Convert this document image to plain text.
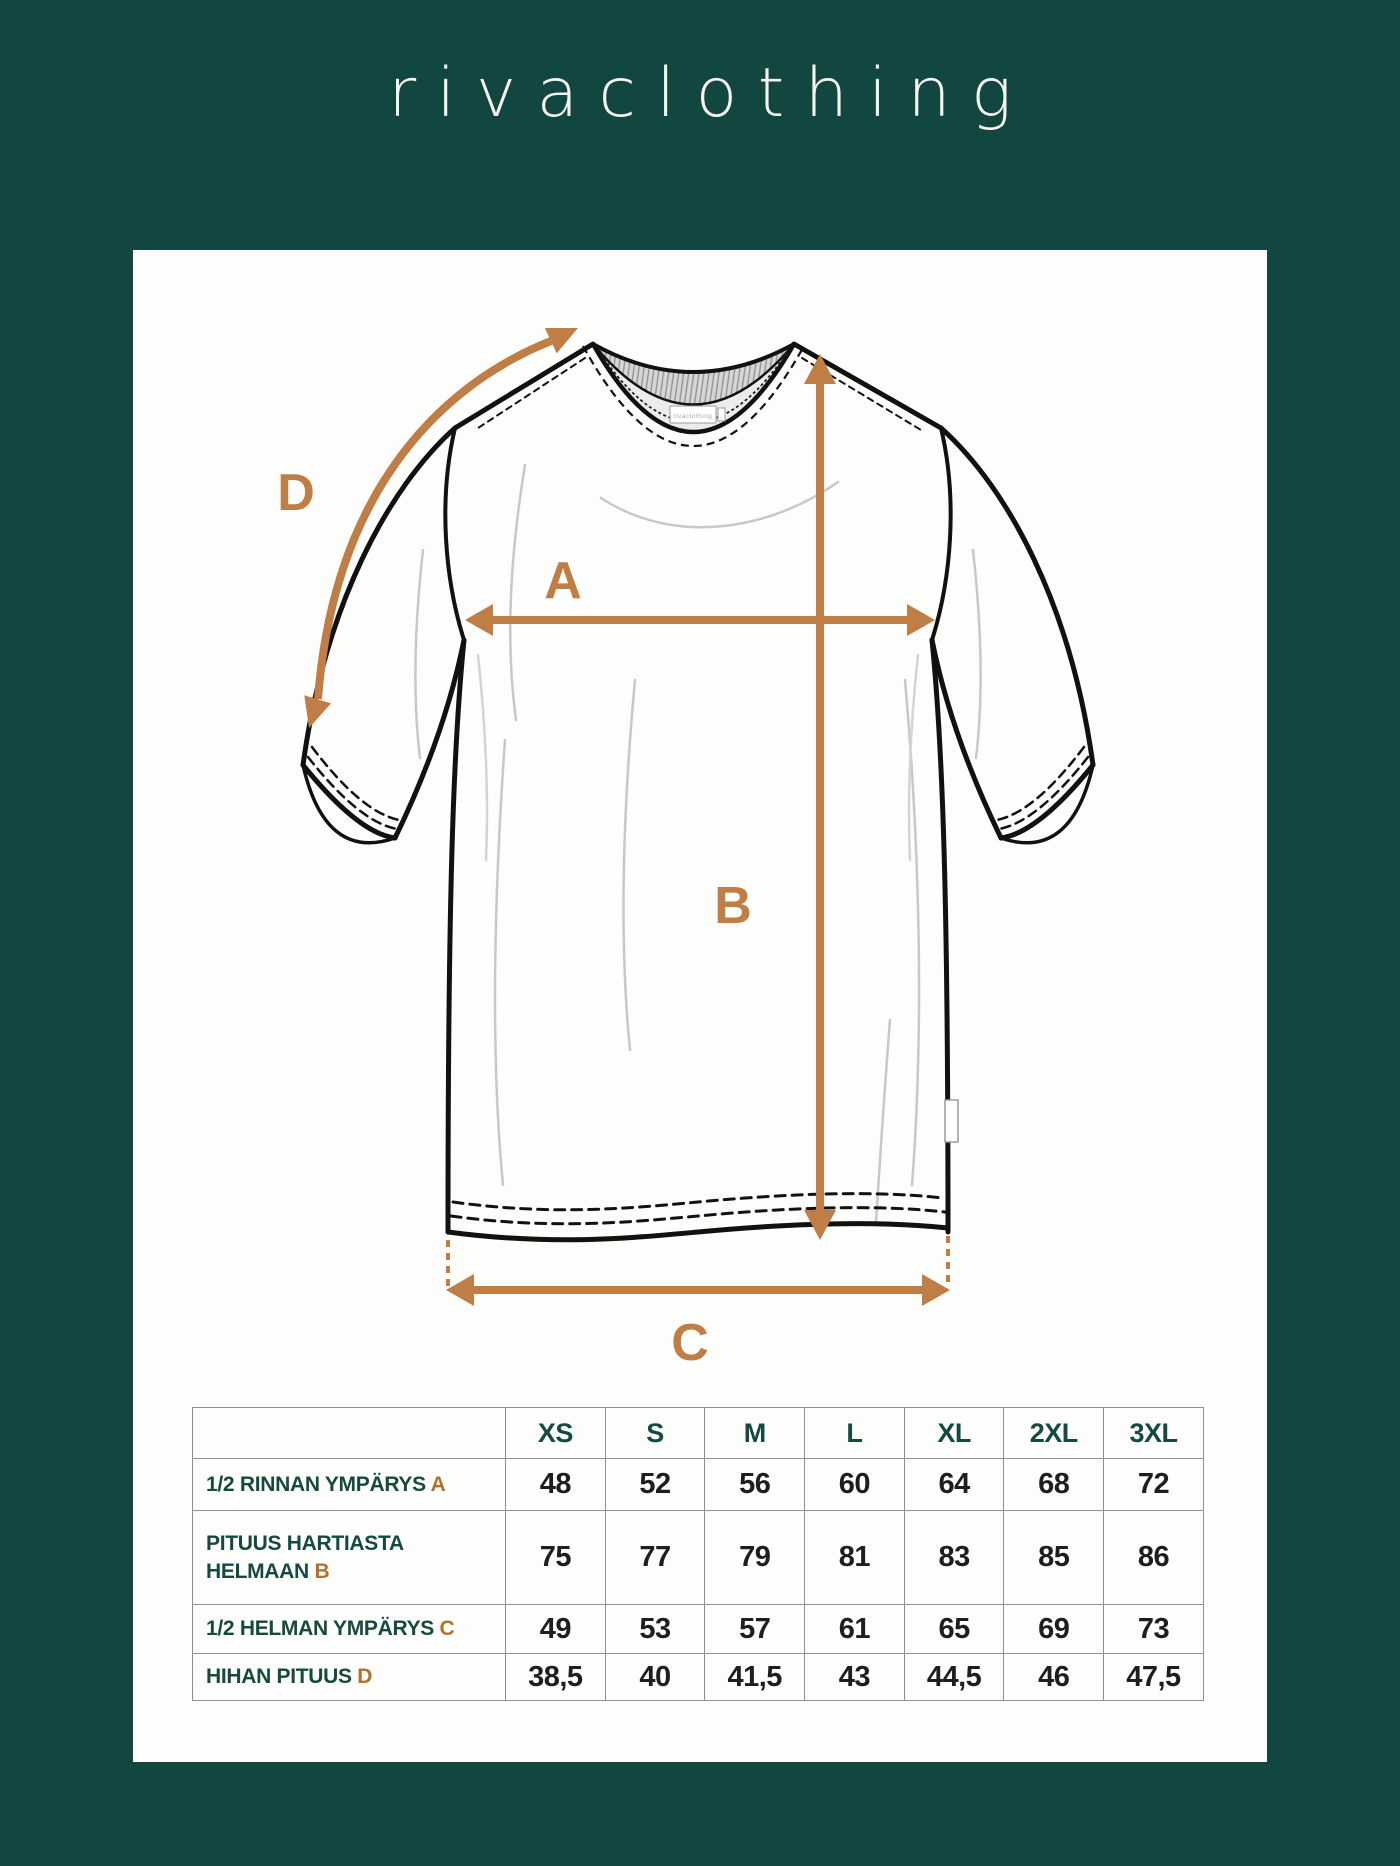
rivaclothing
rivaclothing
A
B
C
D
	XS	S	M	L	XL	2XL	3XL
1/2 RINNAN YMPÄRYS A	48	52	56	60	64	68	72
PITUUS HARTIASTA HELMAAN B	75	77	79	81	83	85	86
1/2 HELMAN YMPÄRYS C	49	53	57	61	65	69	73
HIHAN PITUUS D	38,5	40	41,5	43	44,5	46	47,5
